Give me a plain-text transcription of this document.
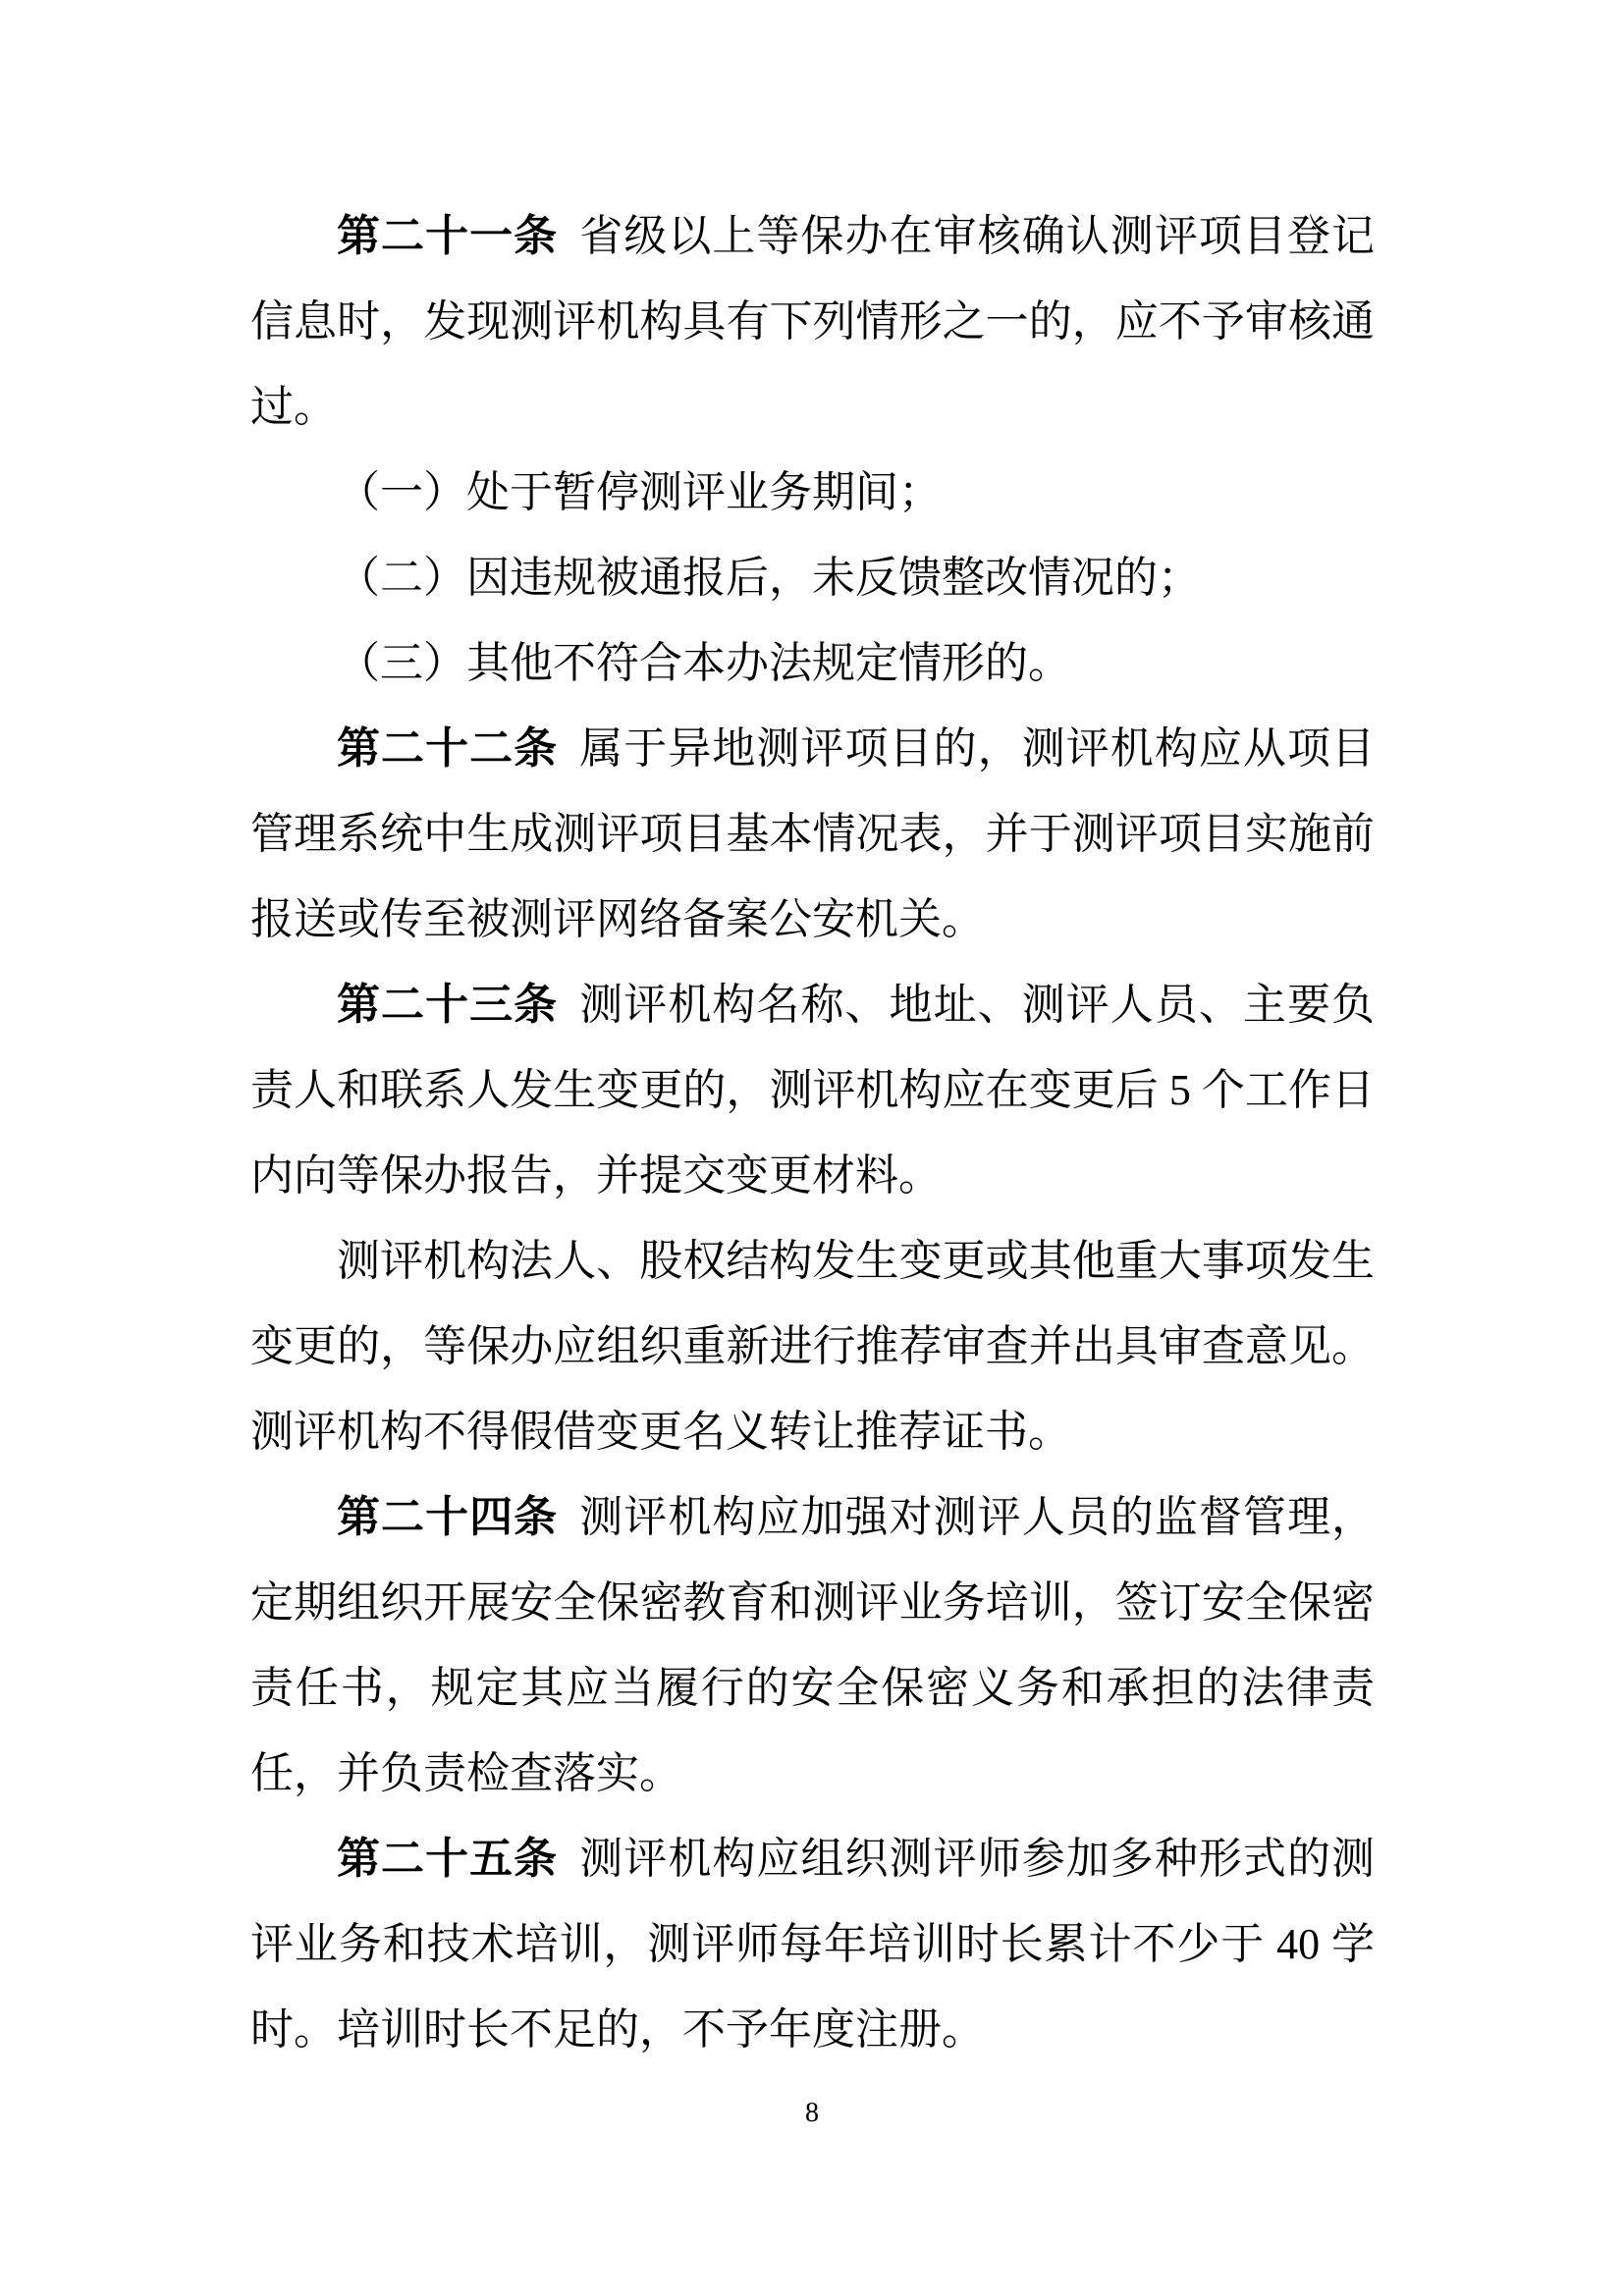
第二十一条 省级以上等保办在审核确认测评项目登记信息时，发现测评机构具有下列情形之一的，应不予审核通过。

（一）处于暂停测评业务期间；

（二）因违规被通报后，未反馈整改情况的；

（三）其他不符合本办法规定情形的。

第二十二条 属于异地测评项目的，测评机构应从项目管理系统中生成测评项目基本情况表，并于测评项目实施前报送或传至被测评网络备案公安机关。

第二十三条 测评机构名称、地址、测评人员、主要负责人和联系人发生变更的，测评机构应在变更后 5 个工作日内向等保办报告，并提交变更材料。

测评机构法人、股权结构发生变更或其他重大事项发生变更的，等保办应组织重新进行推荐审查并出具审查意见。测评机构不得假借变更名义转让推荐证书。

第二十四条 测评机构应加强对测评人员的监督管理，定期组织开展安全保密教育和测评业务培训，签订安全保密责任书，规定其应当履行的安全保密义务和承担的法律责任，并负责检查落实。

第二十五条 测评机构应组织测评师参加多种形式的测评业务和技术培训，测评师每年培训时长累计不少于 40 学时。培训时长不足的，不予年度注册。

8
